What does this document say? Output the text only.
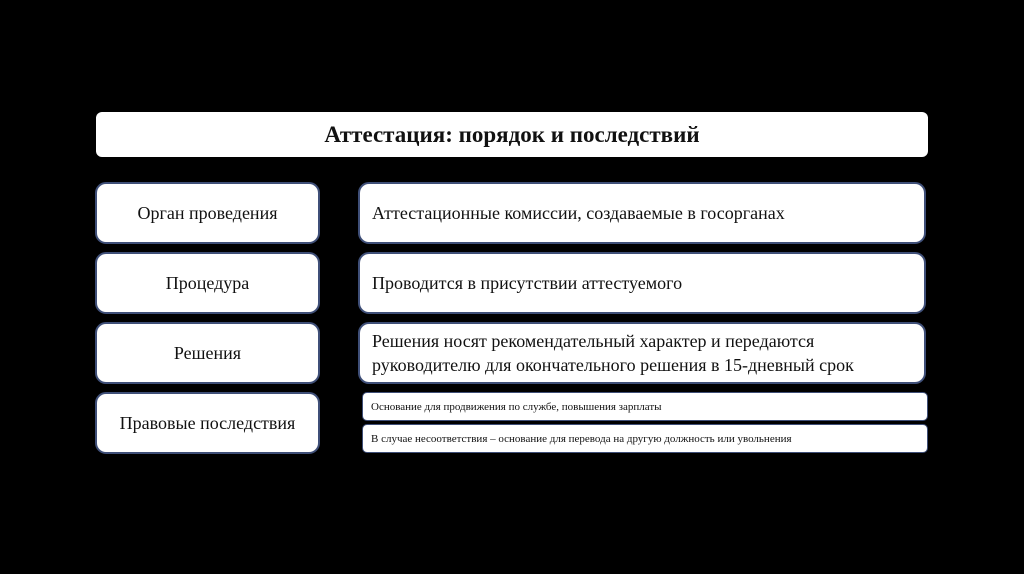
Аттестация: порядок и последствий
Орган проведения	Аттестационные комиссии, создаваемые в госорганах
Процедура	Проводится в присутствии аттестуемого
Решения
Решения носят рекомендательный характер и передаются руководителю для окончательного решения в 15-дневный срок
Правовые последствия
Основание для продвижения по службе, повышения зарплаты
В случае несоответствия – основание для перевода на другую должность или увольнения
